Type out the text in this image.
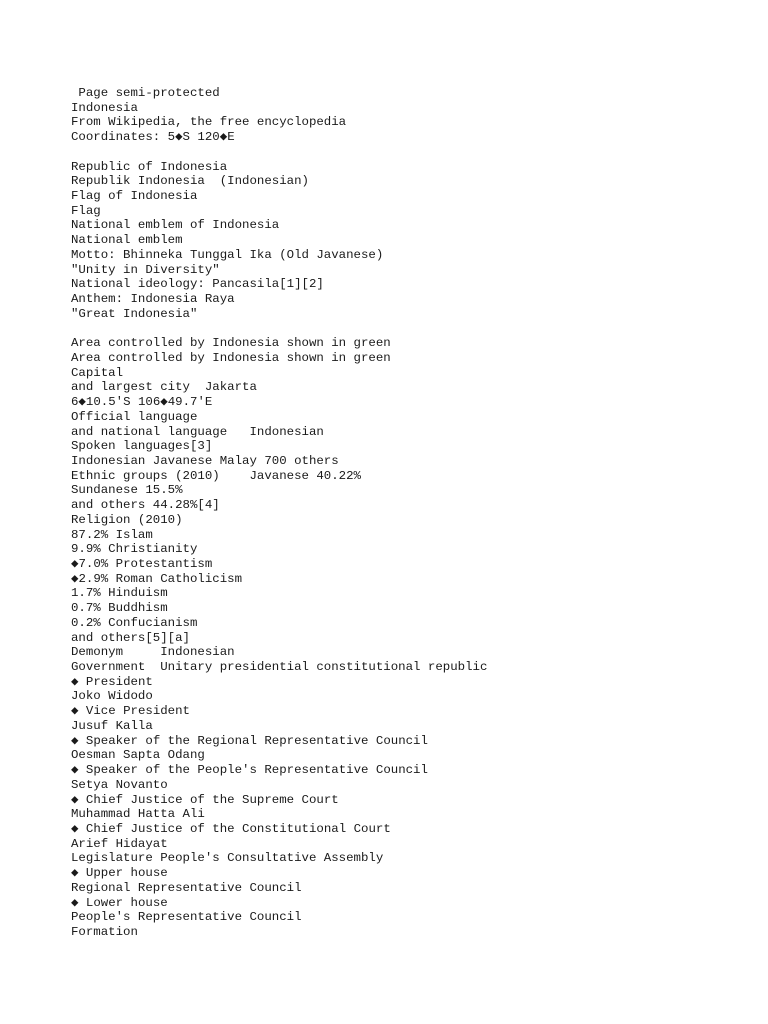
Page semi-protected
Indonesia
From Wikipedia, the free encyclopedia
Coordinates: 5◆S 120◆E
Republic of Indonesia
Republik Indonesia  (Indonesian)
Flag of Indonesia
Flag
National emblem of Indonesia
National emblem
Motto: Bhinneka Tunggal Ika (Old Javanese)
"Unity in Diversity"
National ideology: Pancasila[1][2]
Anthem: Indonesia Raya
"Great Indonesia"
Area controlled by Indonesia shown in green
Area controlled by Indonesia shown in green
Capital
and largest city  Jakarta
6◆10.5′S 106◆49.7′E
Official language
and national language   Indonesian
Spoken languages[3]
Indonesian Javanese Malay 700 others
Ethnic groups (2010)    Javanese 40.22%
Sundanese 15.5%
and others 44.28%[4]
Religion (2010)
87.2% Islam
9.9% Christianity
◆7.0% Protestantism
◆2.9% Roman Catholicism
1.7% Hinduism
0.7% Buddhism
0.2% Confucianism
and others[5][a]
Demonym     Indonesian
Government  Unitary presidential constitutional republic
◆ President
Joko Widodo
◆ Vice President
Jusuf Kalla
◆ Speaker of the Regional Representative Council
Oesman Sapta Odang
◆ Speaker of the People's Representative Council
Setya Novanto
◆ Chief Justice of the Supreme Court
Muhammad Hatta Ali
◆ Chief Justice of the Constitutional Court
Arief Hidayat
Legislature People's Consultative Assembly
◆ Upper house
Regional Representative Council
◆ Lower house
People's Representative Council
Formation
